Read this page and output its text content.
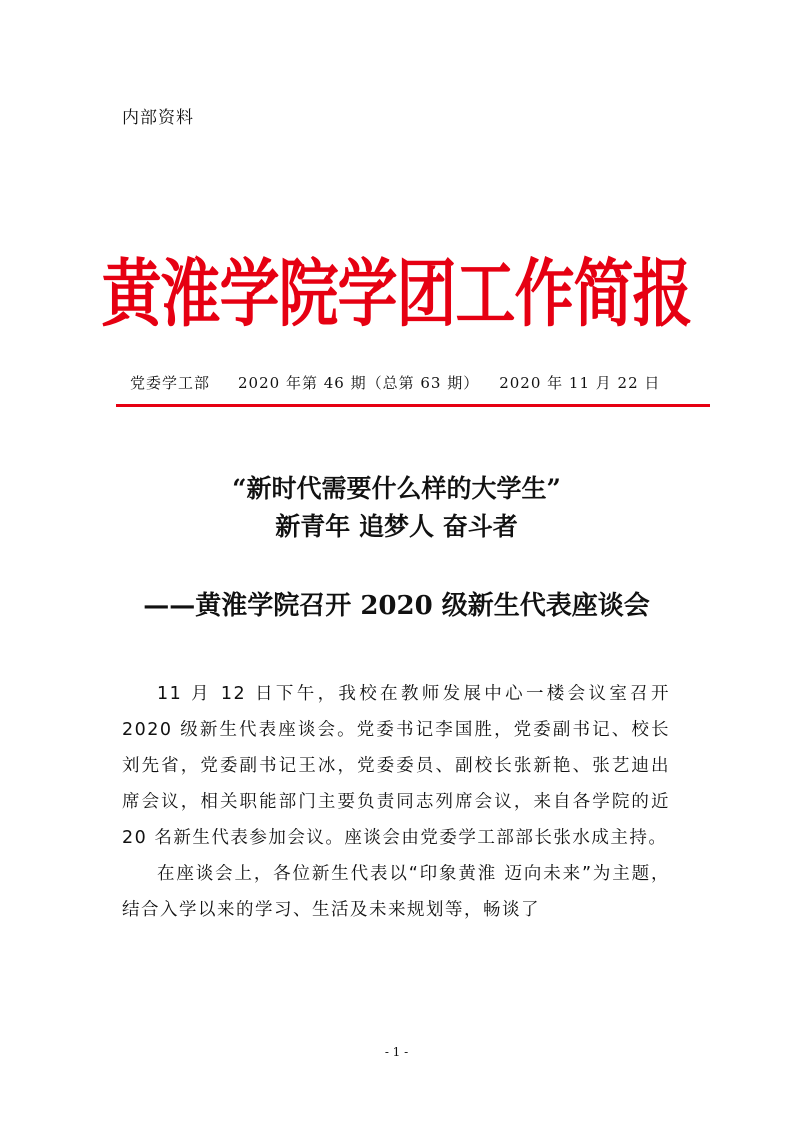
内部资料
黄淮学院学团工作简报
党委学工部 2020 年第 46 期（总第 63 期） 2020 年 11 月 22 日
“新时代需要什么样的大学生”
新青年 追梦人 奋斗者
——黄淮学院召开 2020 级新生代表座谈会

11 月 12 日下午，我校在教师发展中心一楼会议室召开 2020 级新生代表座谈会。党委书记李国胜，党委副书记、校长刘先省，党委副书记王冰，党委委员、副校长张新艳、张艺迪出席会议，相关职能部门主要负责同志列席会议，来自各学院的近 20 名新生代表参加会议。座谈会由党委学工部部长张水成主持。

在座谈会上，各位新生代表以“印象黄淮 迈向未来”为主题，结合入学以来的学习、生活及未来规划等，畅谈了

- 1 -
